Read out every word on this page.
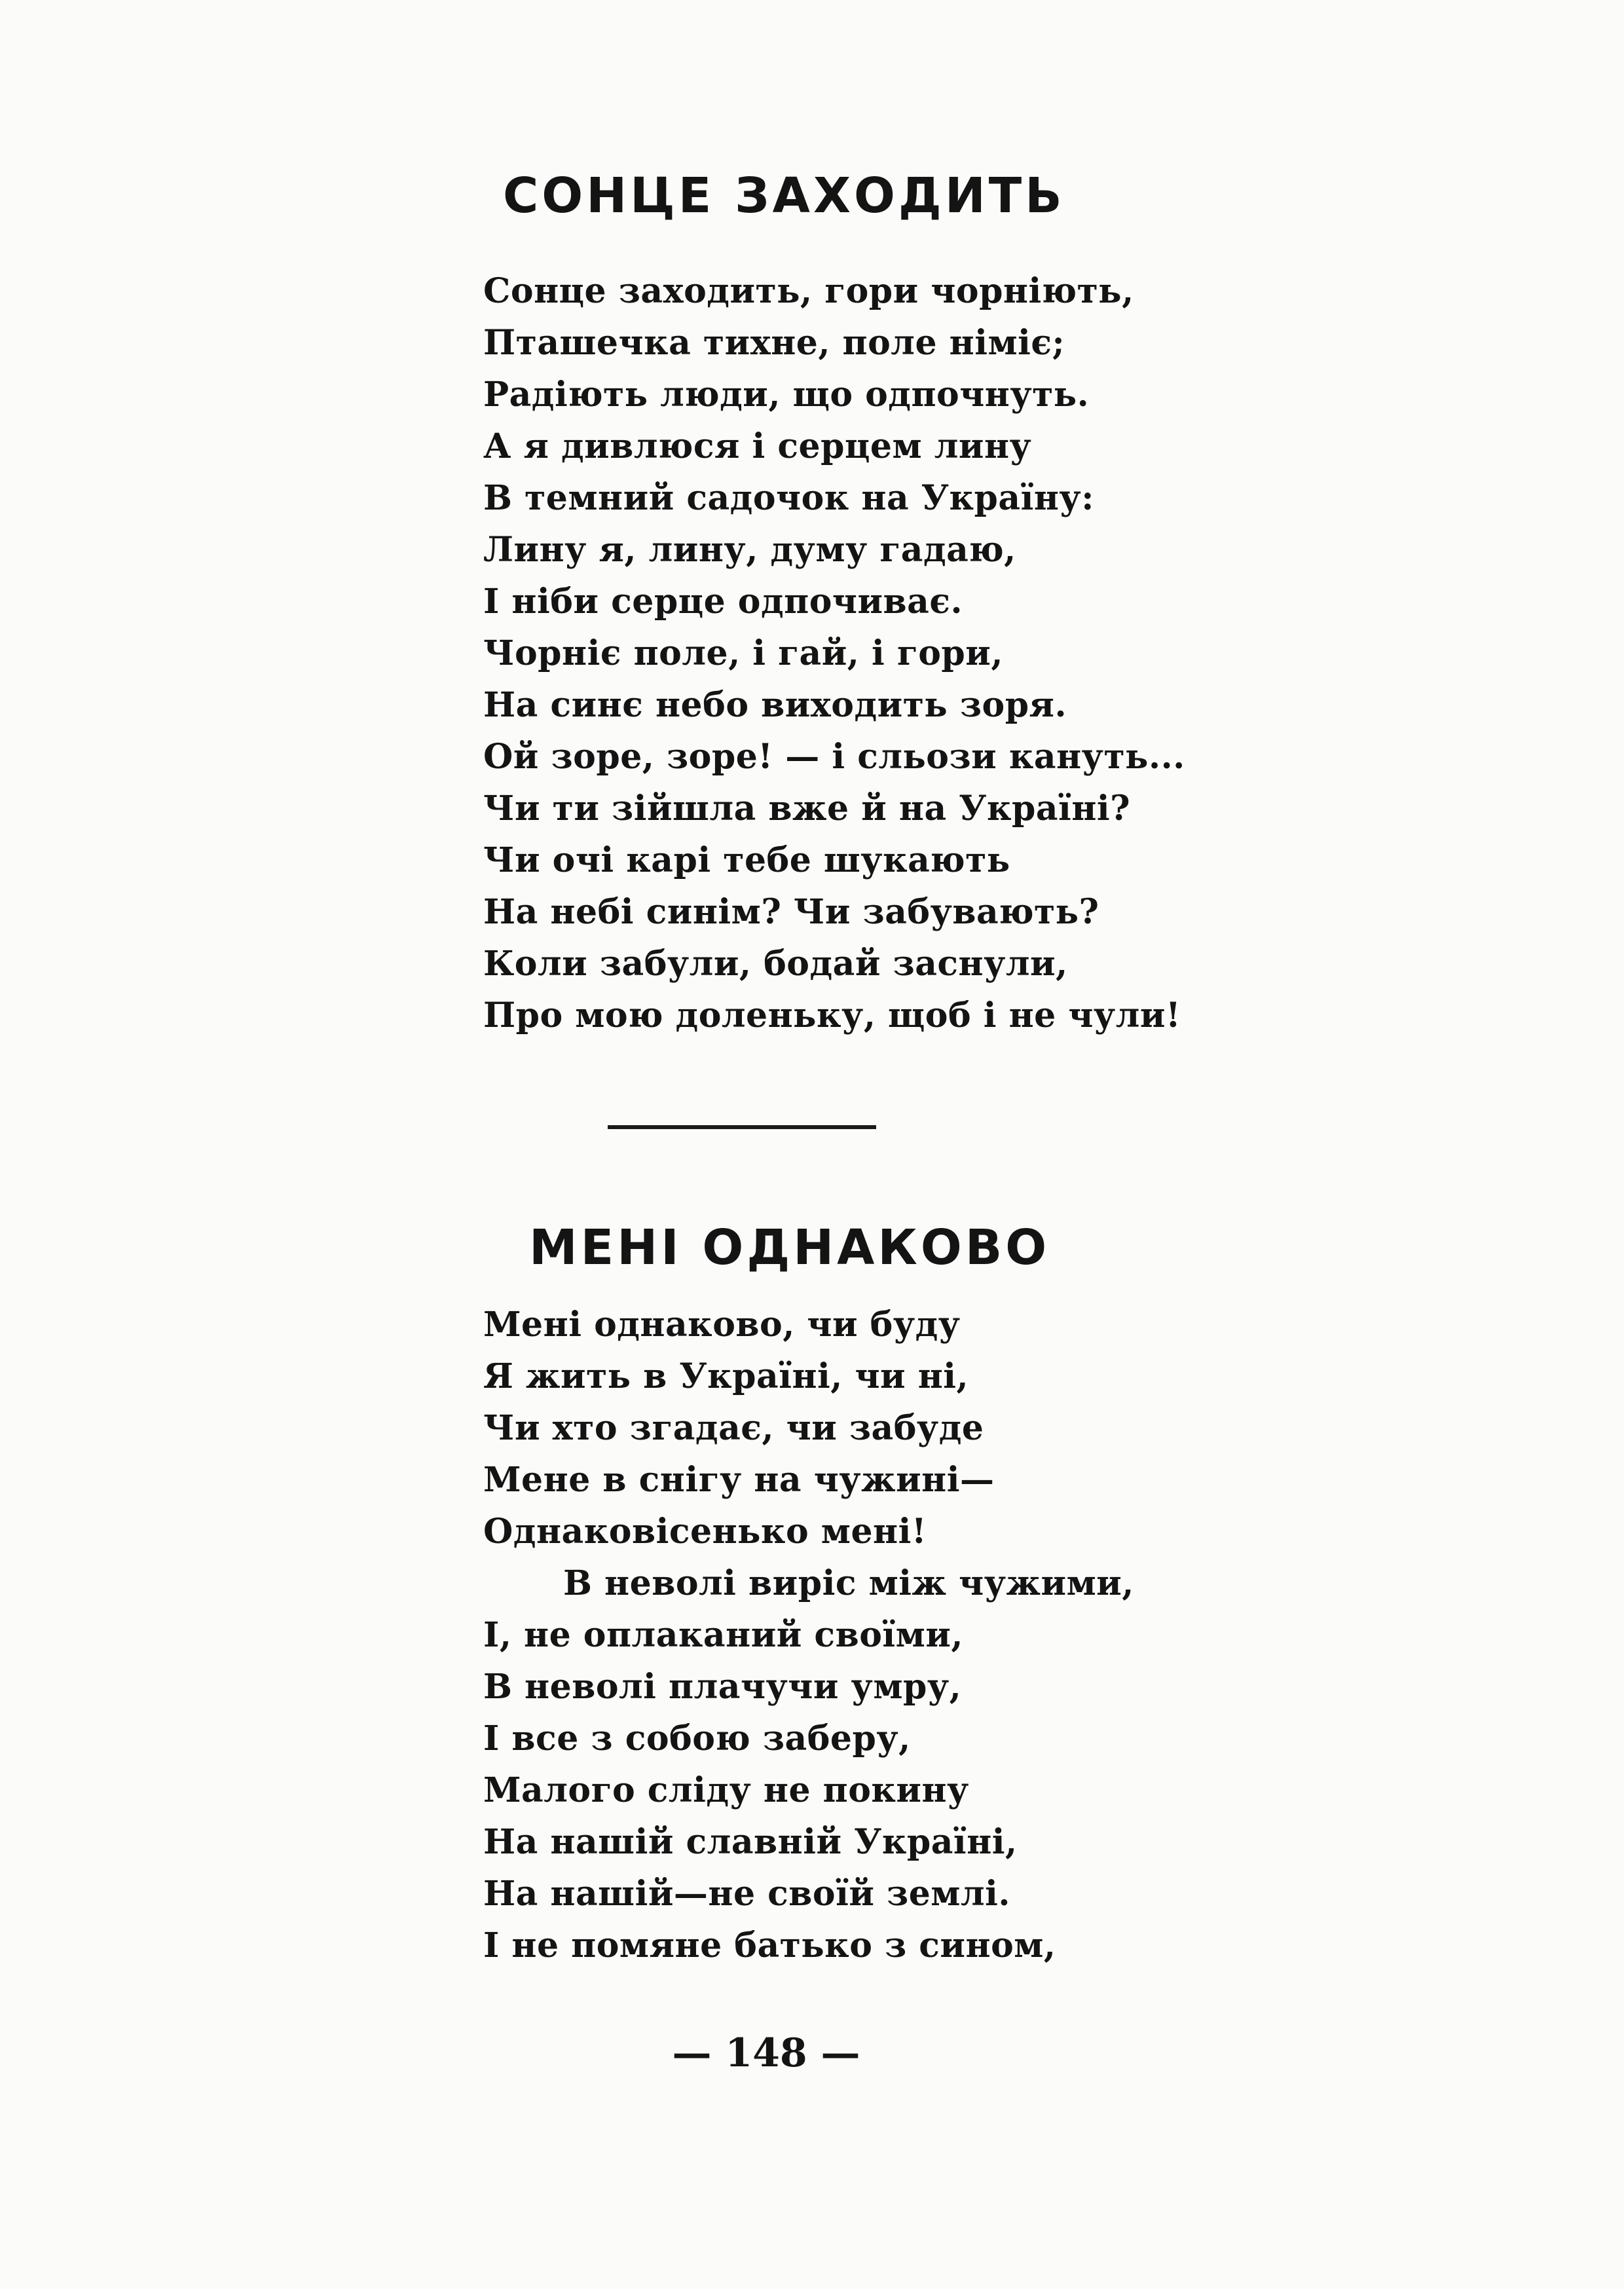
СОНЦЕ ЗАХОДИТЬ
Сонце заходить, гори чорніють,
Пташечка тихне, поле німіє;
Радіють люди, що одпочнуть.
А я дивлюся і серцем лину
В темний садочок на Україну:
Лину я, лину, думу гадаю,
І ніби серце одпочиває.
Чорніє поле, і гай, і гори,
На синє небо виходить зоря.
Ой зоре, зоре! — і сльози кануть...
Чи ти зійшла вже й на Україні?
Чи очі карі тебе шукають
На небі синім? Чи забувають?
Коли забули, бодай заснули,
Про мою доленьку, щоб і не чули!
МЕНІ ОДНАКОВО
Мені однаково, чи буду
Я жить в Україні, чи ні,
Чи хто згадає, чи забуде
Мене в снігу на чужині—
Однаковісенько мені!
В неволі виріс між чужими,
І, не оплаканий своїми,
В неволі плачучи умру,
І все з собою заберу,
Малого сліду не покину
На нашій славній Україні,
На нашій—не своїй землі.
І не помяне батько з сином,
— 148 —
